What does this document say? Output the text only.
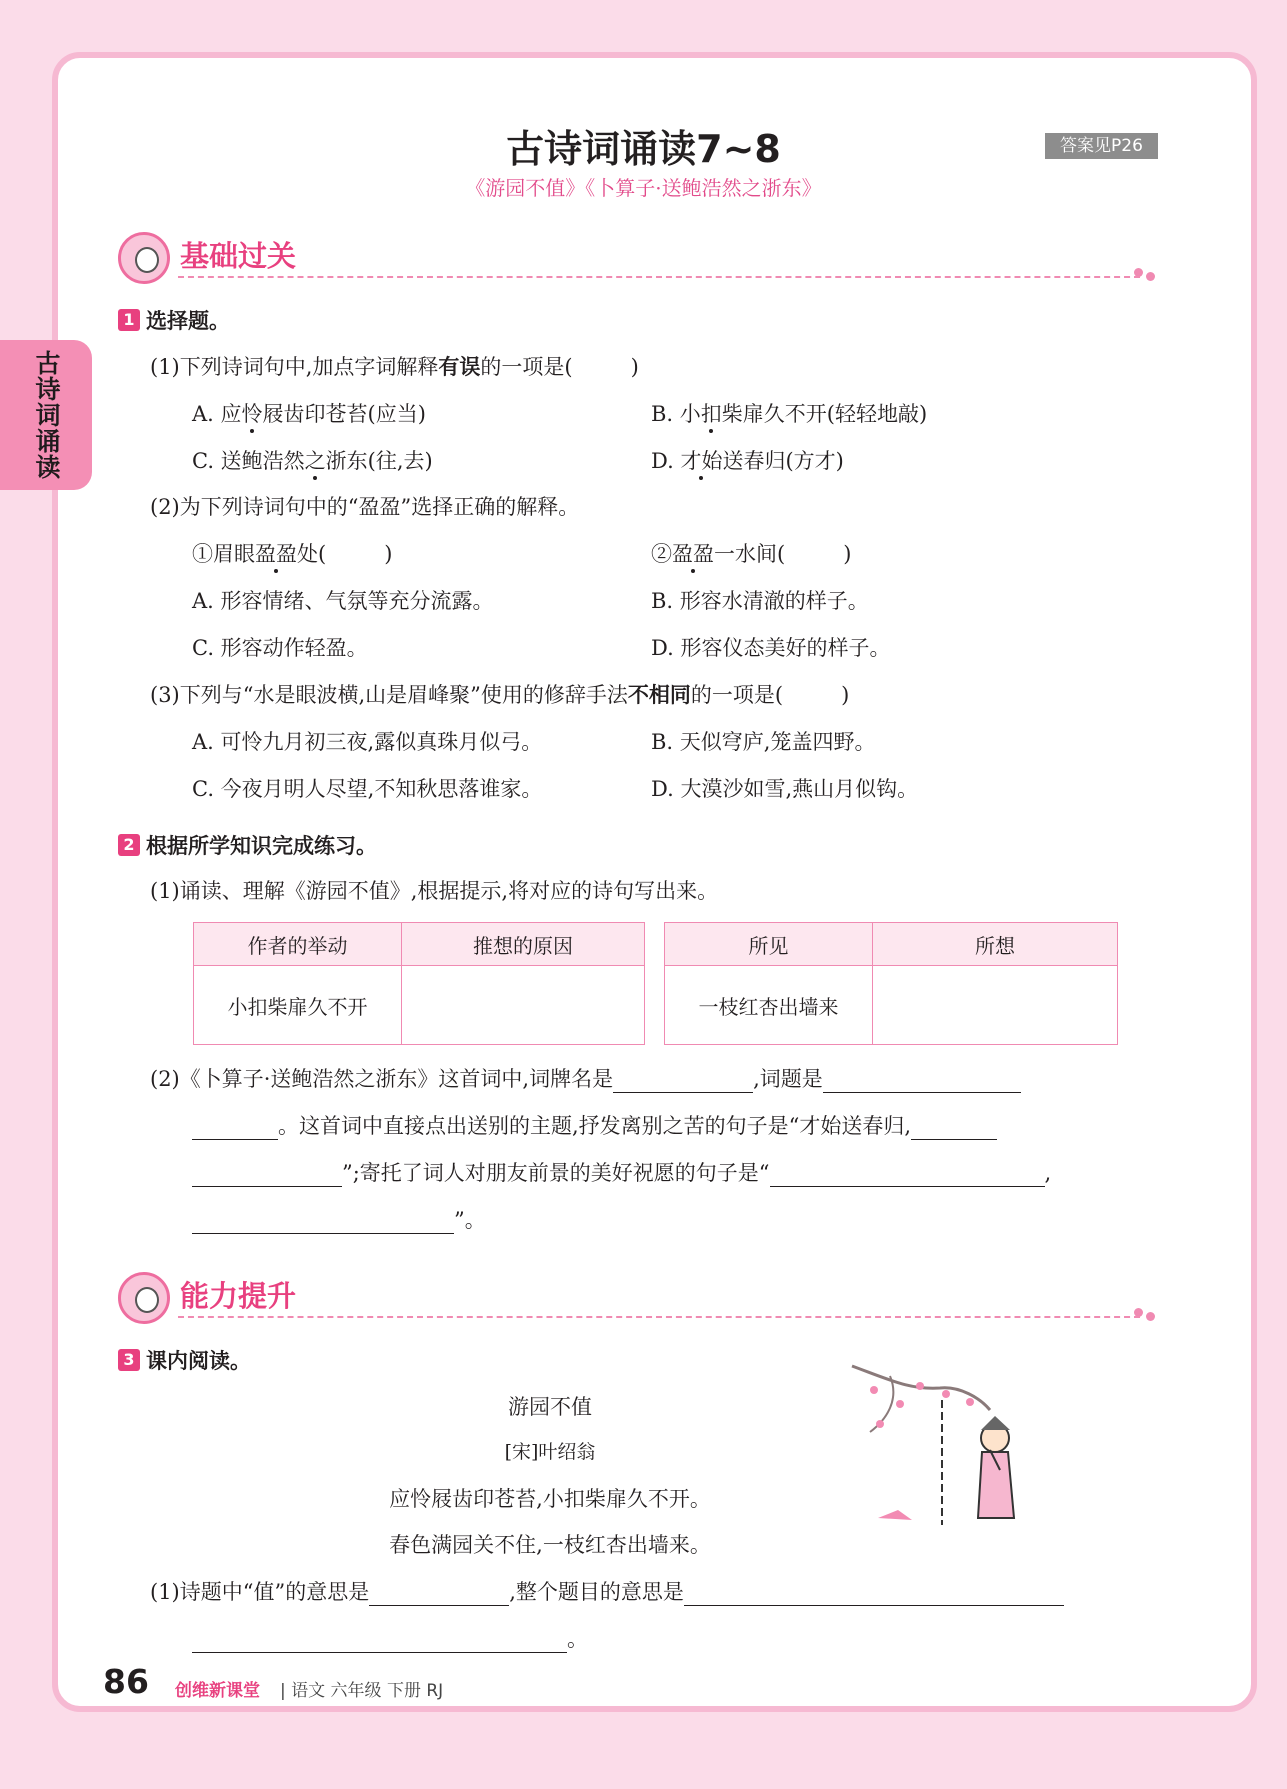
古诗词诵读
古诗词诵读7~8	答案见P26
《游园不值》《卜算子·送鲍浩然之浙东》
基础过关
1 选择题。
(1)下列诗词句中,加点字词解释有误的一项是(	)
A. 应怜屐齿印苍苔(应当)	B. 小扣柴扉久不开(轻轻地敲)
C. 送鲍浩然之浙东(往,去)	D. 才始送春归(方才)
(2)为下列诗词句中的“盈盈”选择正确的解释。
①眉眼盈盈处(	)	②盈盈一水间(	)
A. 形容情绪、气氛等充分流露。	B. 形容水清澈的样子。
C. 形容动作轻盈。	D. 形容仪态美好的样子。
(3)下列与“水是眼波横,山是眉峰聚”使用的修辞手法不相同的一项是(	)
A. 可怜九月初三夜,露似真珠月似弓。	B. 天似穹庐,笼盖四野。
C. 今夜月明人尽望,不知秋思落谁家。	D. 大漠沙如雪,燕山月似钩。
2 根据所学知识完成练习。
(1)诵读、理解《游园不值》,根据提示,将对应的诗句写出来。
作者的举动	推想的原因
小扣柴扉久不开	
所见	所想
一枝红杏出墙来	
(2)《卜算子·送鲍浩然之浙东》这首词中,词牌名是	,词题是
。这首词中直接点出送别的主题,抒发离别之苦的句子是“才始送春归,
”;寄托了词人对朋友前景的美好祝愿的句子是“	,
”。
能力提升
3 课内阅读。
游园不值
[宋]叶绍翁
应怜屐齿印苍苔,小扣柴扉久不开。
春色满园关不住,一枝红杏出墙来。
(1)诗题中“值”的意思是	,整个题目的意思是
。
86 创维新课堂 | 语文 六年级 下册 RJ
